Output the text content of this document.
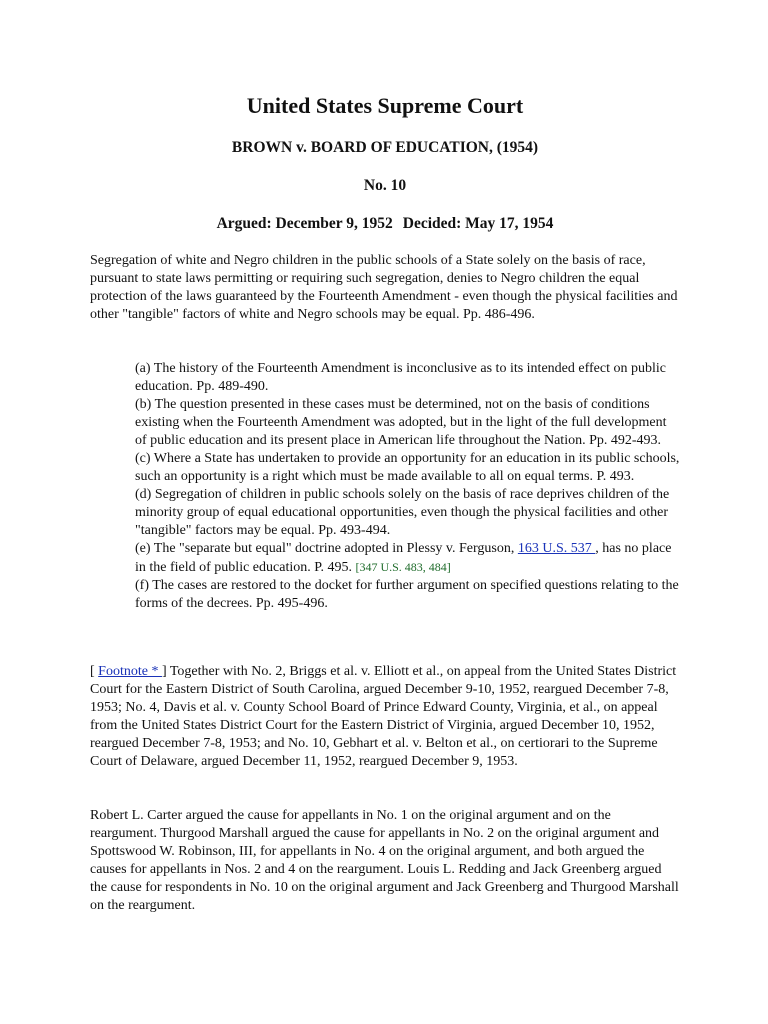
United States Supreme Court
BROWN v. BOARD OF EDUCATION, (1954)
No. 10
Argued: December 9, 1952 Decided: May 17, 1954

Segregation of white and Negro children in the public schools of a State solely on the basis of race, pursuant to state laws permitting or requiring such segregation, denies to Negro children the equal protection of the laws guaranteed by the Fourteenth Amendment - even though the physical facilities and other "tangible" factors of white and Negro schools may be equal. Pp. 486-496.

(a) The history of the Fourteenth Amendment is inconclusive as to its intended effect on public education. Pp. 489-490.
(b) The question presented in these cases must be determined, not on the basis of conditions existing when the Fourteenth Amendment was adopted, but in the light of the full development of public education and its present place in American life throughout the Nation. Pp. 492-493.
(c) Where a State has undertaken to provide an opportunity for an education in its public schools, such an opportunity is a right which must be made available to all on equal terms. P. 493.
(d) Segregation of children in public schools solely on the basis of race deprives children of the minority group of equal educational opportunities, even though the physical facilities and other "tangible" factors may be equal. Pp. 493-494.
(e) The "separate but equal" doctrine adopted in Plessy v. Ferguson, 163 U.S. 537 , has no place in the field of public education. P. 495. [347 U.S. 483, 484]
(f) The cases are restored to the docket for further argument on specified questions relating to the forms of the decrees. Pp. 495-496.

[ Footnote * ] Together with No. 2, Briggs et al. v. Elliott et al., on appeal from the United States District Court for the Eastern District of South Carolina, argued December 9-10, 1952, reargued December 7-8, 1953; No. 4, Davis et al. v. County School Board of Prince Edward County, Virginia, et al., on appeal from the United States District Court for the Eastern District of Virginia, argued December 10, 1952, reargued December 7-8, 1953; and No. 10, Gebhart et al. v. Belton et al., on certiorari to the Supreme Court of Delaware, argued December 11, 1952, reargued December 9, 1953.

Robert L. Carter argued the cause for appellants in No. 1 on the original argument and on the reargument. Thurgood Marshall argued the cause for appellants in No. 2 on the original argument and Spottswood W. Robinson, III, for appellants in No. 4 on the original argument, and both argued the causes for appellants in Nos. 2 and 4 on the reargument. Louis L. Redding and Jack Greenberg argued the cause for respondents in No. 10 on the original argument and Jack Greenberg and Thurgood Marshall on the reargument.
